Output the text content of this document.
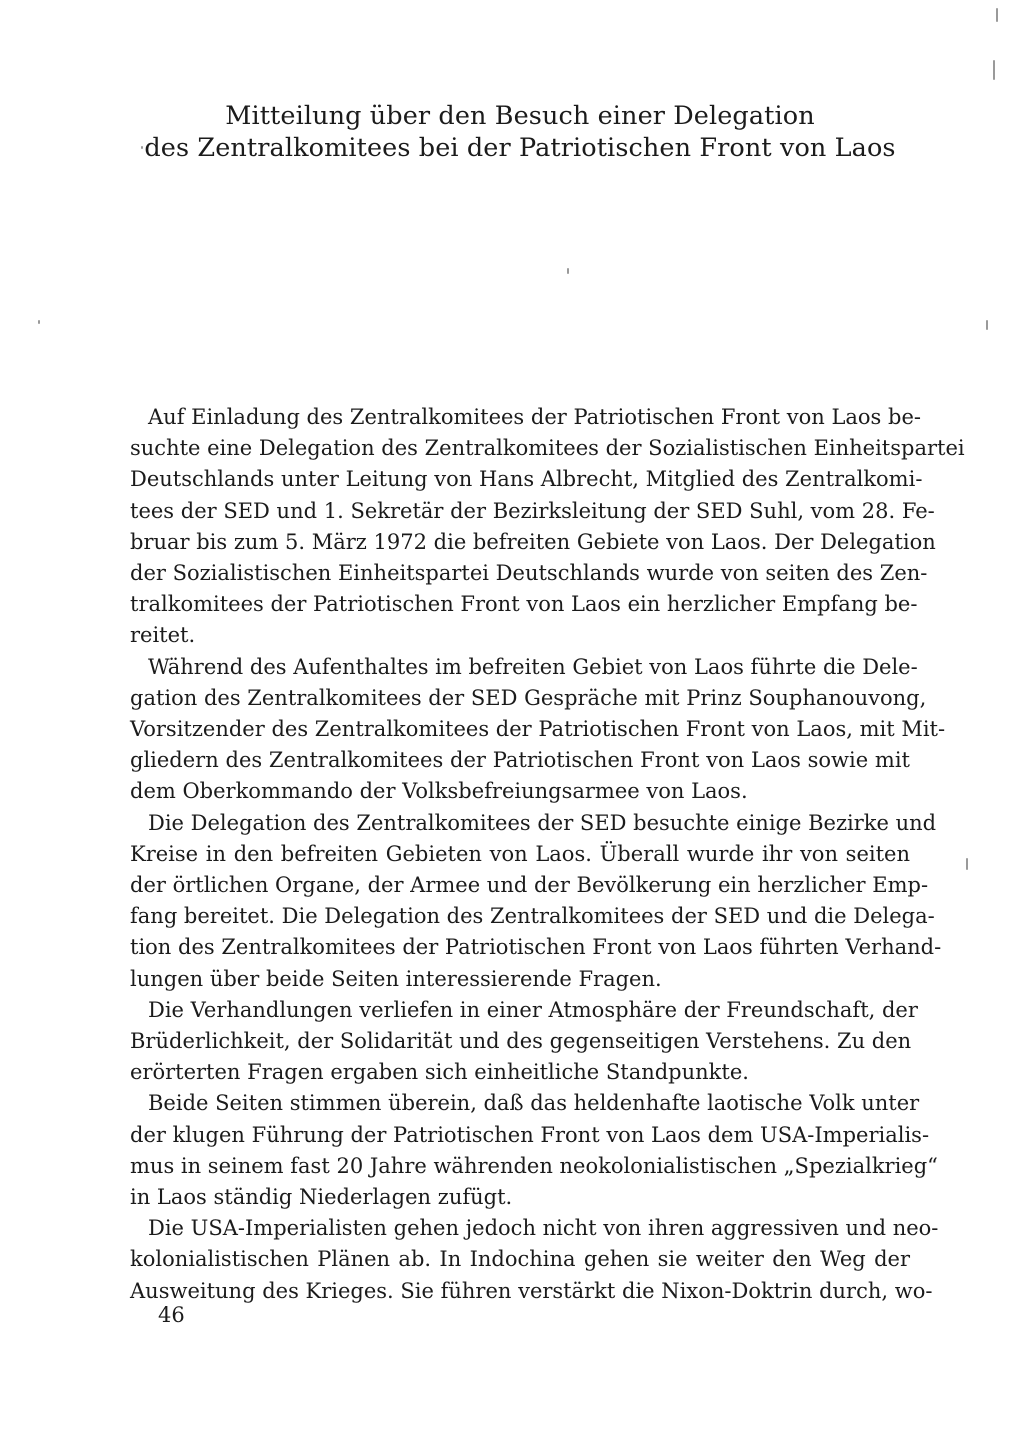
Mitteilung über den Besuch einer Delegation
des Zentralkomitees bei der Patriotischen Front von Laos

Auf Einladung des Zentralkomitees der Patriotischen Front von Laos be-
suchte eine Delegation des Zentralkomitees der Sozialistischen Einheitspartei
Deutschlands unter Leitung von Hans Albrecht, Mitglied des Zentralkomi-
tees der SED und 1. Sekretär der Bezirksleitung der SED Suhl, vom 28. Fe-
bruar bis zum 5. März 1972 die befreiten Gebiete von Laos. Der Delegation
der Sozialistischen Einheitspartei Deutschlands wurde von seiten des Zen-
tralkomitees der Patriotischen Front von Laos ein herzlicher Empfang be-
reitet.

Während des Aufenthaltes im befreiten Gebiet von Laos führte die Dele-
gation des Zentralkomitees der SED Gespräche mit Prinz Souphanouvong,
Vorsitzender des Zentralkomitees der Patriotischen Front von Laos, mit Mit-
gliedern des Zentralkomitees der Patriotischen Front von Laos sowie mit
dem Oberkommando der Volksbefreiungsarmee von Laos.

Die Delegation des Zentralkomitees der SED besuchte einige Bezirke und
Kreise in den befreiten Gebieten von Laos. Überall wurde ihr von seiten
der örtlichen Organe, der Armee und der Bevölkerung ein herzlicher Emp-
fang bereitet. Die Delegation des Zentralkomitees der SED und die Delega-
tion des Zentralkomitees der Patriotischen Front von Laos führten Verhand-
lungen über beide Seiten interessierende Fragen.

Die Verhandlungen verliefen in einer Atmosphäre der Freundschaft, der
Brüderlichkeit, der Solidarität und des gegenseitigen Verstehens. Zu den
erörterten Fragen ergaben sich einheitliche Standpunkte.

Beide Seiten stimmen überein, daß das heldenhafte laotische Volk unter
der klugen Führung der Patriotischen Front von Laos dem USA-Imperialis-
mus in seinem fast 20 Jahre währenden neokolonialistischen „Spezialkrieg“
in Laos ständig Niederlagen zufügt.

Die USA-Imperialisten gehen jedoch nicht von ihren aggressiven und neo-
kolonialistischen Plänen ab. In Indochina gehen sie weiter den Weg der
Ausweitung des Krieges. Sie führen verstärkt die Nixon-Doktrin durch, wo-

46
